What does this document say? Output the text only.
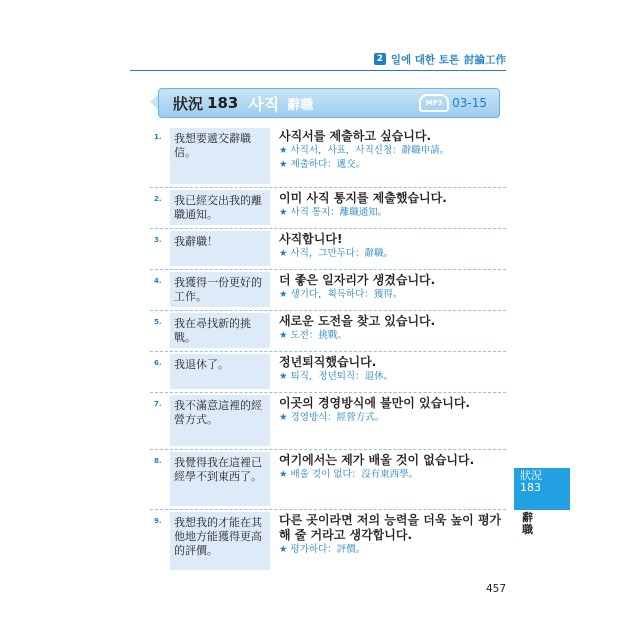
2 일에 대한 토론 討論工作
狀況 183 사직 辭職	MP3 03-15
1.	我想要遞交辭職信。
사직서를 제출하고 싶습니다.
★ 사직서，사표，사직신청：辭職申請。
★ 제출하다：遞交。
2.	我已經交出我的離職通知。
이미 사직 통지를 제출했습니다.
★ 사직 통지：離職通知。
3.	我辭職！	사직합니다!
★ 사직，그만두다：辭職。
4.	我獲得一份更好的工作。
더 좋은 일자리가 생겼습니다.
★ 생기다，획득하다：獲得。
5.	我在尋找新的挑戰。
새로운 도전을 찾고 있습니다.
★ 도전：挑戰。
6.	我退休了。	정년퇴직했습니다.
★ 퇴직，정년퇴직：退休。
7.	我不滿意這裡的經營方式。
이곳의 경영방식에 불만이 있습니다.
★ 경영방식：經營方式。
8.	我覺得我在這裡已經學不到東西了。
여기에서는 제가 배울 것이 없습니다.
★ 배울 것이 없다：沒有東西學。
9.	我想我的才能在其他地方能獲得更高的評價。
다른 곳이라면 저의 능력을 더욱 높이 평가해 줄 거라고 생각합니다.
★ 평가하다：評價。
狀況
183
辭職
457
